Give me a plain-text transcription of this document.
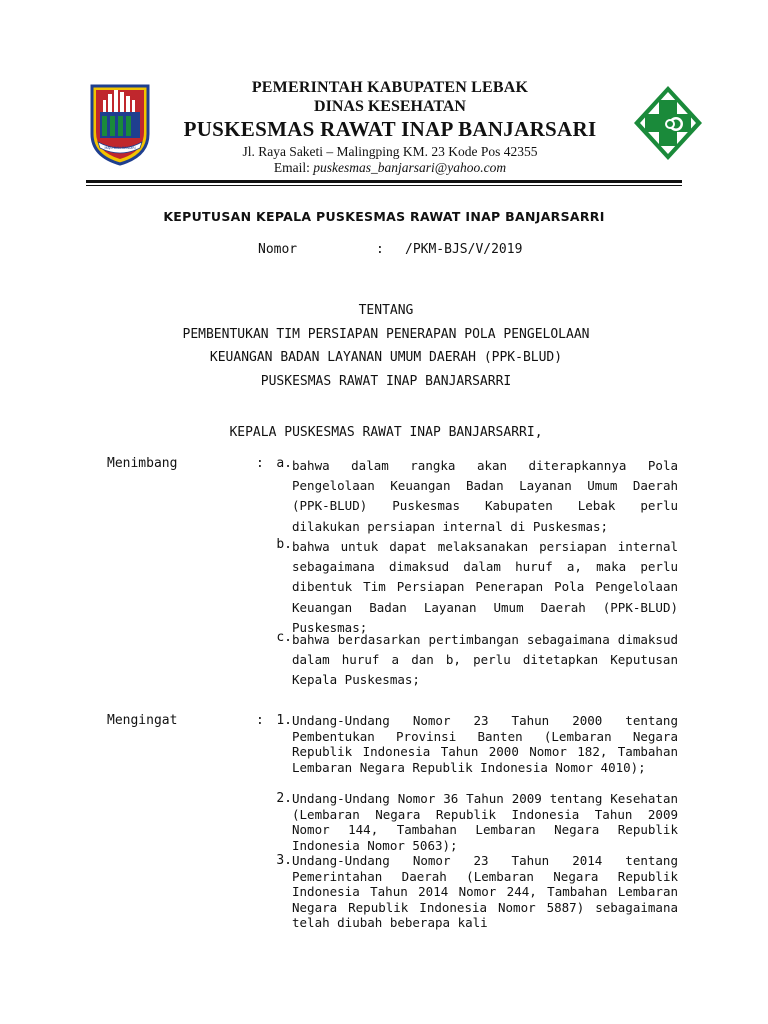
MAJU DAN MANDIRI
PEMERINTAH KABUPATEN LEBAK
DINAS KESEHATAN
PUSKESMAS RAWAT INAP BANJARSARI
Jl. Raya Saketi – Malingping KM. 23 Kode Pos 42355
Email: puskesmas_banjarsari@yahoo.com
KEPUTUSAN KEPALA PUSKESMAS RAWAT INAP BANJARSARRI
Nomor	: /PKM-BJS/V/2019
TENTANG
PEMBENTUKAN TIM PERSIAPAN PENERAPAN POLA PENGELOLAAN
KEUANGAN BADAN LAYANAN UMUM DAERAH (PPK-BLUD)
PUSKESMAS RAWAT INAP BANJARSARRI
KEPALA PUSKESMAS RAWAT INAP BANJARSARRI,
Menimbang	: a. bahwa dalam rangka akan diterapkannya Pola Pengelolaan Keuangan Badan Layanan Umum Daerah (PPK-BLUD) Puskesmas Kabupaten Lebak perlu dilakukan persiapan internal di Puskesmas;
b. bahwa untuk dapat melaksanakan persiapan internal sebagaimana dimaksud dalam huruf a, maka perlu dibentuk Tim Persiapan Penerapan Pola Pengelolaan Keuangan Badan Layanan Umum Daerah (PPK-BLUD) Puskesmas;
c. bahwa berdasarkan pertimbangan sebagaimana dimaksud dalam huruf a dan b, perlu ditetapkan Keputusan Kepala Puskesmas;
Mengingat	: 1. Undang-Undang Nomor 23 Tahun 2000 tentang Pembentukan Provinsi Banten (Lembaran Negara Republik Indonesia Tahun 2000 Nomor 182, Tambahan Lembaran Negara Republik Indonesia Nomor 4010);
2. Undang-Undang Nomor 36 Tahun 2009 tentang Kesehatan (Lembaran Negara Republik Indonesia Tahun 2009 Nomor 144, Tambahan Lembaran Negara Republik Indonesia Nomor 5063);
3. Undang-Undang Nomor 23 Tahun 2014 tentang Pemerintahan Daerah (Lembaran Negara Republik Indonesia Tahun 2014 Nomor 244, Tambahan Lembaran Negara Republik Indonesia Nomor 5887) sebagaimana telah diubah beberapa kali
